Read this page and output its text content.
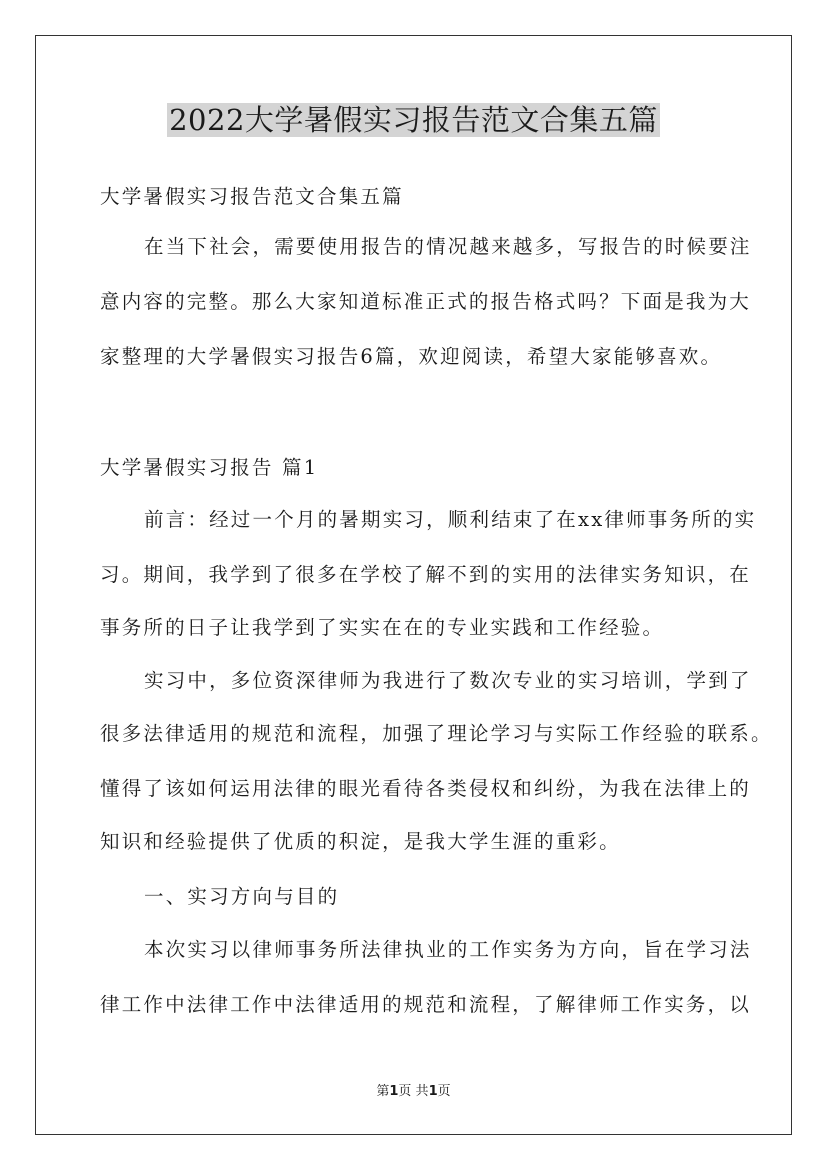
2022大学暑假实习报告范文合集五篇

大学暑假实习报告范文合集五篇

在当下社会，需要使用报告的情况越来越多，写报告的时候要注

意内容的完整。那么大家知道标准正式的报告格式吗？下面是我为大

家整理的大学暑假实习报告6篇，欢迎阅读，希望大家能够喜欢。

大学暑假实习报告 篇1

前言：经过一个月的暑期实习，顺利结束了在xx律师事务所的实

习。期间，我学到了很多在学校了解不到的实用的法律实务知识，在

事务所的日子让我学到了实实在在的专业实践和工作经验。

实习中，多位资深律师为我进行了数次专业的实习培训，学到了

很多法律适用的规范和流程，加强了理论学习与实际工作经验的联系。

懂得了该如何运用法律的眼光看待各类侵权和纠纷，为我在法律上的

知识和经验提供了优质的积淀，是我大学生涯的重彩。

一、实习方向与目的

本次实习以律师事务所法律执业的工作实务为方向，旨在学习法

律工作中法律工作中法律适用的规范和流程，了解律师工作实务，以

第1页 共1页
